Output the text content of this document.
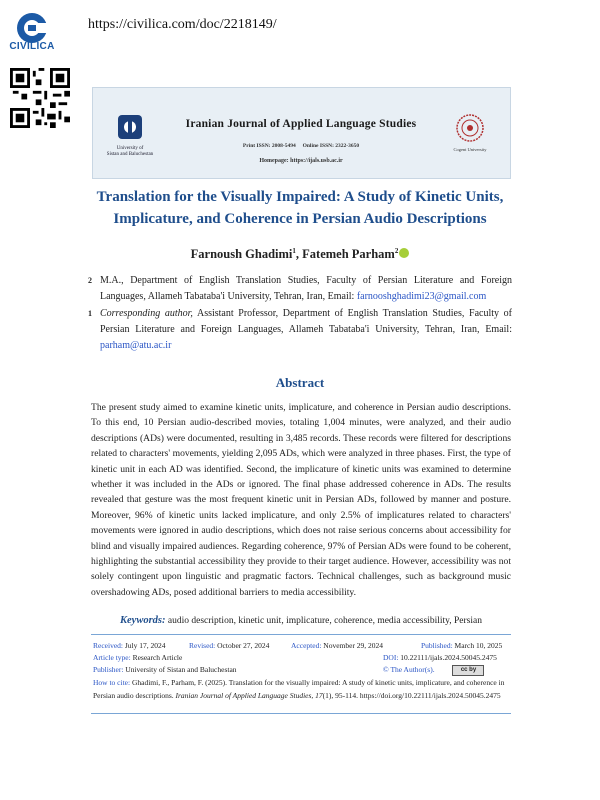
CIVILICA
https://civilica.com/doc/2218149/
University of
Sistan and Baluchestan
Iranian Journal of Applied Language Studies
Print ISSN: 2008-5494     Online ISSN: 2322-3650
Homepage: https://ijals.usb.ac.ir
Cogent University
Translation for the Visually Impaired: A Study of Kinetic Units,
Implicature, and Coherence in Persian Audio Descriptions
Farnoush Ghadimi$^1$, Fatemeh Parham$^2$
2 M.A., Department of English Translation Studies, Faculty of Persian Literature and Foreign Languages, Allameh Tabataba'i University, Tehran, Iran, Email: farnooshghadimi23@gmail.com
1 Corresponding author, Assistant Professor, Department of English Translation Studies, Faculty of Persian Literature and Foreign Languages, Allameh Tabataba'i University, Tehran, Iran, Email: parham@atu.ac.ir
Abstract
The present study aimed to examine kinetic units, implicature, and coherence in Persian audio descriptions. To this end, 10 Persian audio-described movies, totaling 1,004 minutes, were analyzed, and their audio descriptions (ADs) were documented, resulting in 3,485 records. These records were filtered for descriptions related to characters' movements, yielding 2,095 ADs, which were analyzed in three phases. First, the type of kinetic unit in each AD was identified. Second, the implicature of kinetic units was examined to determine whether it was included in the ADs or ignored. The final phase addressed coherence in ADs. The results revealed that gesture was the most frequent kinetic unit in Persian ADs, followed by manner and posture. Moreover, 96% of kinetic units lacked implicature, and only 2.5% of implicatures related to characters' movements were ignored in audio descriptions, which does not raise serious concerns about accessibility for blind and visually impaired audiences. Regarding coherence, 97% of Persian ADs were found to be coherent, highlighting the substantial accessibility they provide to their target audience. However, accessibility was not solely contingent upon linguistic and pragmatic factors. Technical challenges, such as background music overshadowing ADs, posed additional barriers to media accessibility.
Keywords: audio description, kinetic unit, implicature, coherence, media accessibility, Persian
Received: July 17, 2024	Revised: October 27, 2024	Accepted: November 29, 2024	Published: March 10, 2025
Article type: Research Article	DOI: 10.22111/ijals.2024.50045.2475
Publisher: University of Sistan and Baluchestan	© The Author(s).	cc by
How to cite: Ghadimi, F., Parham, F. (2025). Translation for the visually impaired: A study of kinetic units, implicature, and coherence in Persian audio descriptions. Iranian Journal of Applied Language Studies, 17(1), 95-114. https://doi.org/10.22111/ijals.2024.50045.2475
